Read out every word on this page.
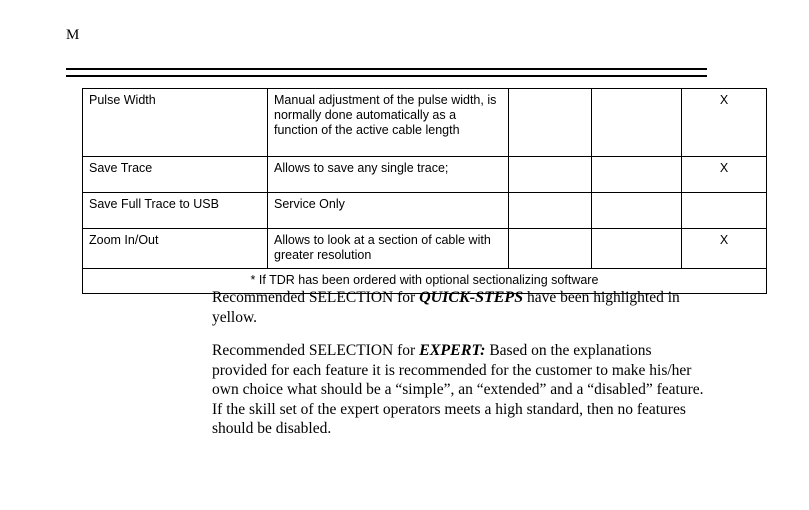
M
Pulse Width	Manual adjustment of the pulse width, is normally done automatically as a function of the active cable length			X
Save Trace	Allows to save any single trace;			X
Save Full Trace to USB	Service Only			
Zoom In/Out	Allows to look at a section of cable with greater resolution			X
* If TDR has been ordered with optional sectionalizing software				
Recommended SELECTION for QUICK-STEPS have been highlighted in yellow.
Recommended SELECTION for EXPERT: Based on the explanations provided for each feature it is recommended for the customer to make his/her own choice what should be a “simple”, an “extended” and a “disabled” feature. If the skill set of the expert operators meets a high standard, then no features should be disabled.
